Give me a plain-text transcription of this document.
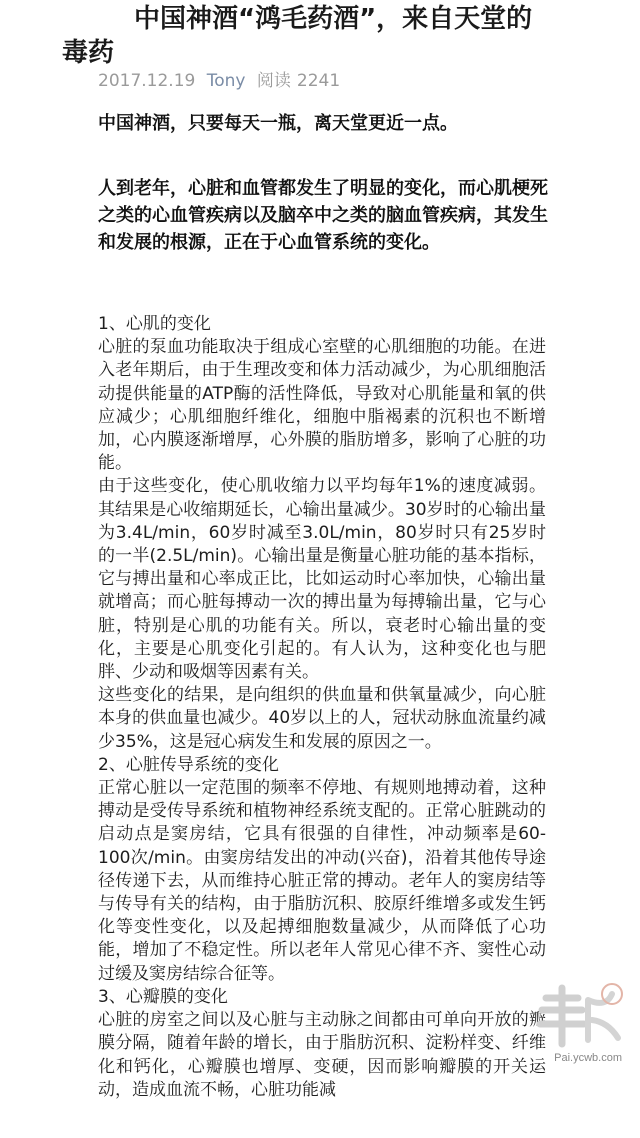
中国神酒“鸿毛药酒”，来自天堂的
毒药
2017.12.19 Tony 阅读 2241
中国神酒，只要每天一瓶，离天堂更近一点。
人到老年，心脏和血管都发生了明显的变化，而心肌梗死之类的心血管疾病以及脑卒中之类的脑血管疾病，其发生和发展的根源，正在于心血管系统的变化。
1、心肌的变化

心脏的泵血功能取决于组成心室壁的心肌细胞的功能。在进入老年期后，由于生理改变和体力活动减少，为心肌细胞活动提供能量的ATP酶的活性降低，导致对心肌能量和氧的供应减少；心肌细胞纤维化，细胞中脂褐素的沉积也不断增加，心内膜逐渐增厚，心外膜的脂肪增多，影响了心脏的功能。

由于这些变化，使心肌收缩力以平均每年1%的速度减弱。其结果是心收缩期延长，心输出量减少。30岁时的心输出量为3.4L/min，60岁时减至3.0L/min，80岁时只有25岁时的一半(2.5L/min)。心输出量是衡量心脏功能的基本指标，它与搏出量和心率成正比，比如运动时心率加快，心输出量就增高；而心脏每搏动一次的搏出量为每搏输出量，它与心脏，特别是心肌的功能有关。所以，衰老时心输出量的变化，主要是心肌变化引起的。有人认为，这种变化也与肥胖、少动和吸烟等因素有关。

这些变化的结果，是向组织的供血量和供氧量减少，向心脏本身的供血量也减少。40岁以上的人，冠状动脉血流量约减少35%，这是冠心病发生和发展的原因之一。

2、心脏传导系统的变化

正常心脏以一定范围的频率不停地、有规则地搏动着，这种搏动是受传导系统和植物神经系统支配的。正常心脏跳动的启动点是窦房结，它具有很强的自律性，冲动频率是60-100次/min。由窦房结发出的冲动(兴奋)，沿着其他传导途径传递下去，从而维持心脏正常的搏动。老年人的窦房结等与传导有关的结构，由于脂肪沉积、胶原纤维增多或发生钙化等变性变化，以及起搏细胞数量减少，从而降低了心功能，增加了不稳定性。所以老年人常见心律不齐、窦性心动过缓及窦房结综合征等。

3、心瓣膜的变化

心脏的房室之间以及心脏与主动脉之间都由可单向开放的瓣膜分隔，随着年龄的增长，由于脂肪沉积、淀粉样变、纤维化和钙化，心瓣膜也增厚、变硬，因而影响瓣膜的开关运动，造成血流不畅，心脏功能减

Pai.ycwb.com
